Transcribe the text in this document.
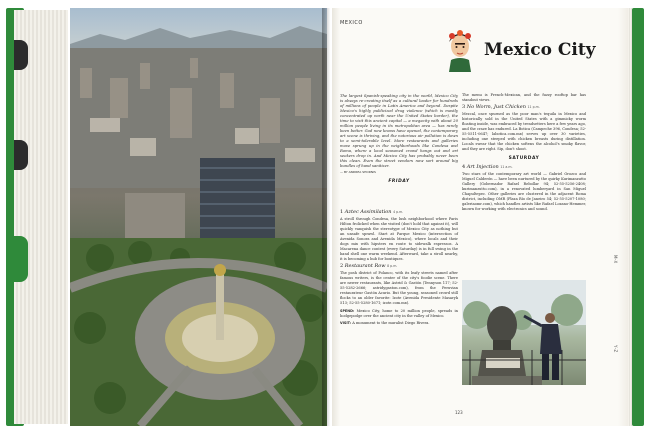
MEXICO
Mexico City

The largest Spanish-speaking city in the world, Mexico City is always re-creating itself as a cultural leader for hundreds of millions of people in Latin America and beyond. Despite Mexico's highly publicized drug violence (which is mostly concentrated up north near the United States border), the time to visit this ancient capital — a megacity with about 20 million people living in its metropolitan area — has rarely been better. God now knows have opened, the contemporary art scene is thriving, and the notorious air pollution is down to a semi-tolerable level. More restaurants and galleries move sprung up in the neighborhoods like Condesa and Roma, where a local seasoned crowd hangs out and art seekers drop in. And Mexico City has probably never been this clean. Even the street vendors now sort around big bundles of hand sanitizer.

— BY ANDREA SHORNIS

FRIDAY
1 Aztec Assimilation 4 p.m.

A stroll through Condesa, the lush neighborhood where Paris Hilton frolicked when she visited (don't hold that against it), will quickly vanquish the stereotype of Mexico City as nothing but an unsafe sprawl. Start at Parque Mexico (intersection of Avenida Sonora and Avenida Mexico), where locals and their dogs mix with hipsters en route to sidewalk espressos. A Macarena dance contest (every Saturday) is in full swing in the band shell one warm weekend. Afterward, take a stroll nearby, it is becoming a hub for boutiques.

2 Restaurant Row 8 p.m.

The posh district of Polanco, with its leafy streets named after famous writers, is the center of the city's foodie scene. There are newer restaurants, like Astrid & Gastón (Tennyson 117; 52-55-5282-2666; astridygaston.com), from the Peruvian restaurateur Gastón Acurio. But the young, seasoned crowd still flocks to an older favorite: Izote (Avenida Presidente Masaryk 513; 52-55-5280-1671; izote.com.mx).

SPEND: Mexico City, home to 20 million people, spreads in hodgepodge over the ancient city in the valley of Mexico.

VISIT: A monument to the muralist Diego Rivera.

The menu is French-Mexican, and the fuzzy rooftop bar has standout views.

3 No Worm, Just Chicken 11 p.m.

Mezcal, once spurned as the poor man's tequila in Mexico and historically sold in the United States with a gimmicky worm floating inside, was embraced by trendsetters here a few years ago, and the craze has endured. La Botica (Campeche 396, Condesa; 52-55-5511-0647; labotica.com.mx) serves up over 30 varieties, including one steeped with chicken breasts during distillation. Locals swear that the chicken softens the alcohol's smoky flavor, and they are right. Sip, don't shoot.

SATURDAY
4 Art Injection 11 a.m.

Two stars of the contemporary art world — Gabriel Orozco and Miguel Calderón — have been nurtured by the quirky Kurimanzutto Gallery (Gobernador Rafael Rebollar 94; 52-55-5256-2408; kurimanzutto.com), in a renovated lumberyard in San Miguel Chapultepec. Other galleries are clustered in the adjacent Roma district, including OMR (Plaza Río de Janeiro 54; 52-55-5207-1080; galeriaomr.com), which handles artists like Rafael Lozano-Hemmer, known for working with electronics and sound.

123
M–X
Y–Z
